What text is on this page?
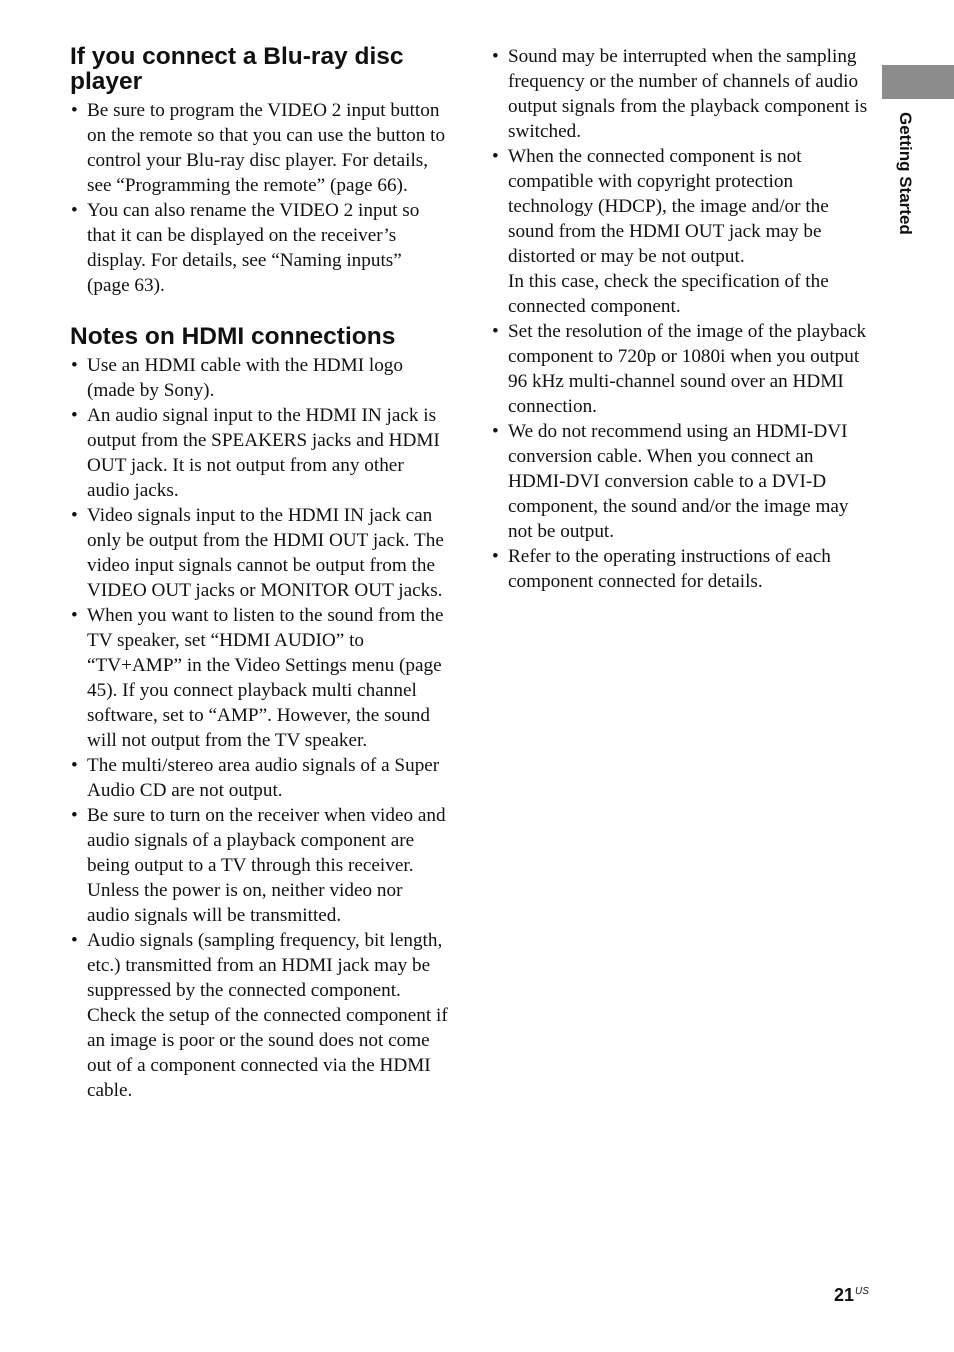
Getting Started
If you connect a Blu-ray disc player
• Be sure to program the VIDEO 2 input button on the remote so that you can use the button to control your Blu-ray disc player. For details, see “Programming the remote” (page 66).
• You can also rename the VIDEO 2 input so that it can be displayed on the receiver’s display. For details, see “Naming inputs” (page 63).
Notes on HDMI connections
• Use an HDMI cable with the HDMI logo (made by Sony).
• An audio signal input to the HDMI IN jack is output from the SPEAKERS jacks and HDMI OUT jack. It is not output from any other audio jacks.
• Video signals input to the HDMI IN jack can only be output from the HDMI OUT jack. The video input signals cannot be output from the VIDEO OUT jacks or MONITOR OUT jacks.
• When you want to listen to the sound from the TV speaker, set “HDMI AUDIO” to “TV+AMP” in the Video Settings menu (page 45). If you connect playback multi channel software, set to “AMP”. However, the sound will not output from the TV speaker.
• The multi/stereo area audio signals of a Super Audio CD are not output.
• Be sure to turn on the receiver when video and audio signals of a playback component are being output to a TV through this receiver. Unless the power is on, neither video nor audio signals will be transmitted.
• Audio signals (sampling frequency, bit length, etc.) transmitted from an HDMI jack may be suppressed by the connected component. Check the setup of the connected component if an image is poor or the sound does not come out of a component connected via the HDMI cable.
• Sound may be interrupted when the sampling frequency or the number of channels of audio output signals from the playback component is switched.
• When the connected component is not compatible with copyright protection technology (HDCP), the image and/or the sound from the HDMI OUT jack may be distorted or may be not output.
In this case, check the specification of the connected component.
• Set the resolution of the image of the playback component to 720p or 1080i when you output 96 kHz multi-channel sound over an HDMI connection.
• We do not recommend using an HDMI-DVI conversion cable. When you connect an HDMI-DVI conversion cable to a DVI-D component, the sound and/or the image may not be output.
• Refer to the operating instructions of each component connected for details.
$21^{US}$
